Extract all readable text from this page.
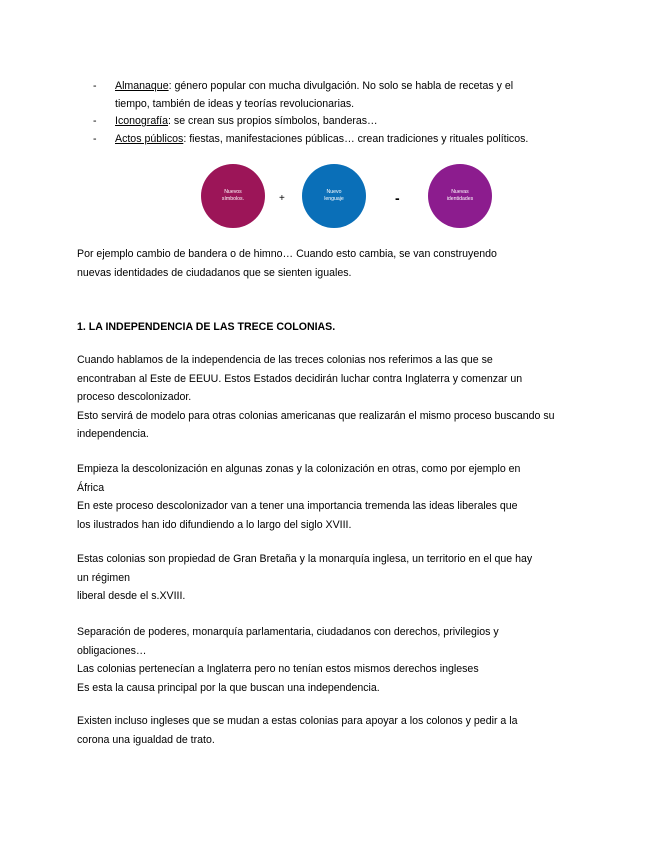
- Almanaque: género popular con mucha divulgación. No solo se habla de recetas y el
tiempo, también de ideas y teorías revolucionarias.
- Iconografía: se crean sus propios símbolos, banderas…
- Actos públicos: fiestas, manifestaciones públicas… crean tradiciones y rituales políticos.
Nuevos
símbolos.	+
Nuevo
lenguaje	-	Nuevas
identidades
Por ejemplo cambio de bandera o de himno… Cuando esto cambia, se van construyendo
nuevas identidades de ciudadanos que se sienten iguales.
1. LA INDEPENDENCIA DE LAS TRECE COLONIAS.
Cuando hablamos de la independencia de las treces colonias nos referimos a las que se
encontraban al Este de EEUU. Estos Estados decidirán luchar contra Inglaterra y comenzar un
proceso descolonizador.
Esto servirá de modelo para otras colonias americanas que realizarán el mismo proceso buscando su
independencia.
Empieza la descolonización en algunas zonas y la colonización en otras, como por ejemplo en
África
En este proceso descolonizador van a tener una importancia tremenda las ideas liberales que
los ilustrados han ido difundiendo a lo largo del siglo XVIII.
Estas colonias son propiedad de Gran Bretaña y la monarquía inglesa, un territorio en el que hay
un régimen
liberal desde el s.XVIII.
Separación de poderes, monarquía parlamentaria, ciudadanos con derechos, privilegios y
obligaciones…
Las colonias pertenecían a Inglaterra pero no tenían estos mismos derechos ingleses
Es esta la causa principal por la que buscan una independencia.
Existen incluso ingleses que se mudan a estas colonias para apoyar a los colonos y pedir a la
corona una igualdad de trato.
